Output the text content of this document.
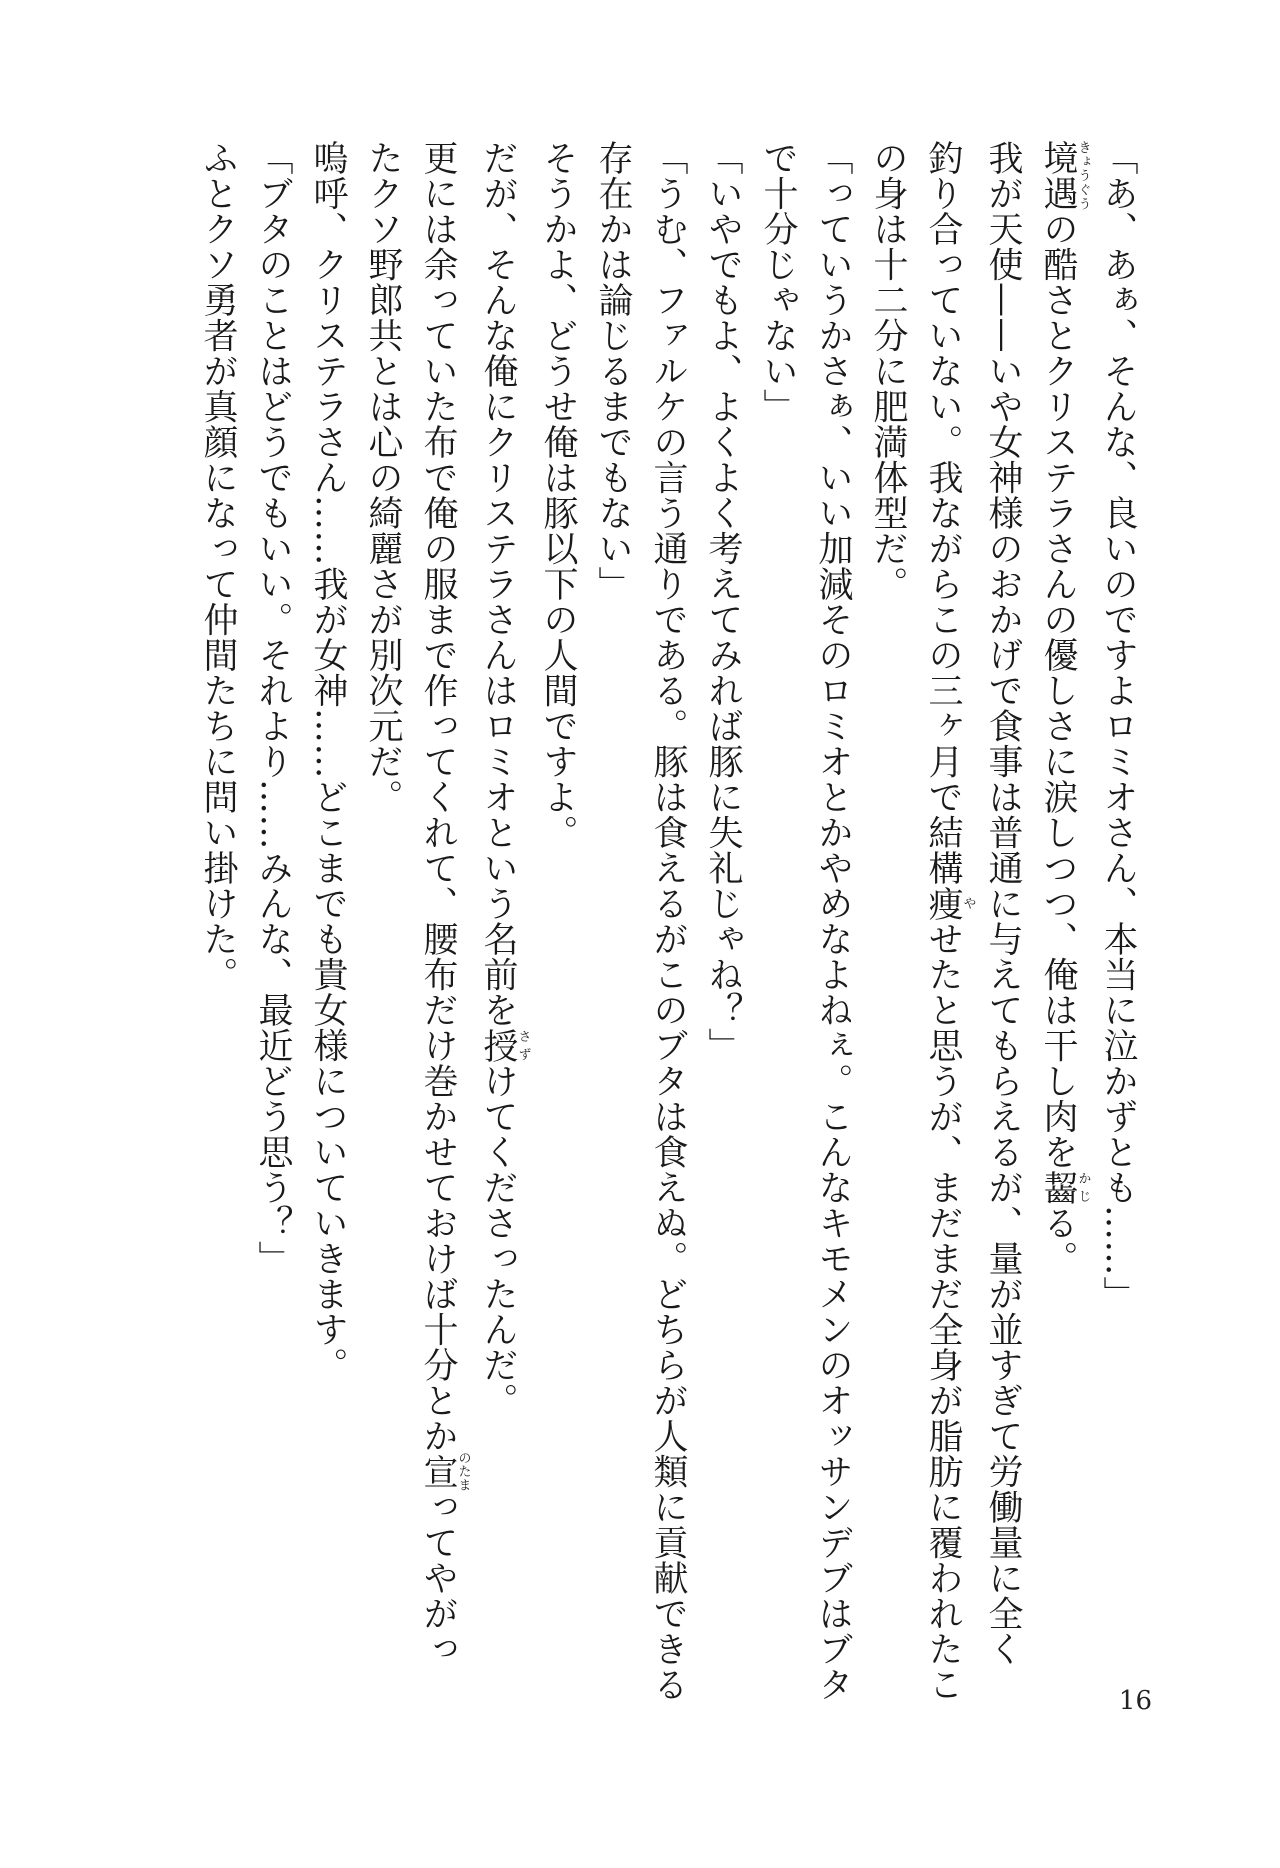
「あ、あぁ、そんな、良いのですよロミオさん、本当に泣かずとも……」
境遇きょうぐうの酷さとクリステラさんの優しさに涙しつつ、俺は干し肉を齧かじる。
我が天使——いや女神様のおかげで食事は普通に与えてもらえるが、量が並すぎて労働量に全く
釣り合っていない。我ながらこの三ヶ月で結構痩やせたと思うが、まだまだ全身が脂肪に覆われたこ
の身は十二分に肥満体型だ。
「っていうかさぁ、いい加減そのロミオとかやめなよねぇ。こんなキモメンのオッサンデブはブタ
で十分じゃない」
「いやでもよ、よくよく考えてみれば豚に失礼じゃね？」
「うむ、ファルケの言う通りである。豚は食えるがこのブタは食えぬ。どちらが人類に貢献できる
存在かは論じるまでもない」
そうかよ、どうせ俺は豚以下の人間ですよ。
だが、そんな俺にクリステラさんはロミオという名前を授さずけてくださったんだ。
更には余っていた布で俺の服まで作ってくれて、腰布だけ巻かせておけば十分とか宣のたまってやがっ
たクソ野郎共とは心の綺麗さが別次元だ。
嗚呼、クリステラさん……我が女神……どこまでも貴女様についていきます。
「ブタのことはどうでもいい。それより……みんな、最近どう思う？」
ふとクソ勇者が真顔になって仲間たちに問い掛けた。
16
